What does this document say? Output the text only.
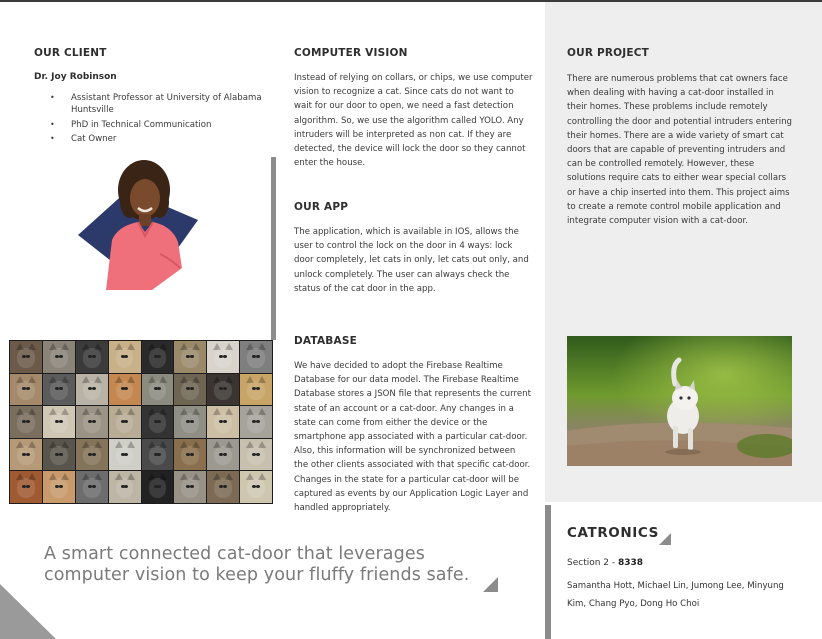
OUR CLIENT
Dr. Joy Robinson
• Assistant Professor at University of Alabama Huntsville
• PhD in Technical Communication
• Cat Owner
COMPUTER VISION
Instead of relying on collars, or chips, we use computer vision to recognize a cat. Since cats do not want to wait for our door to open, we need a fast detection algorithm. So, we use the algorithm called YOLO. Any intruders will be interpreted as non cat. If they are detected, the device will lock the door so they cannot enter the house.
OUR APP
The application, which is available in IOS, allows the user to control the lock on the door in 4 ways: lock door completely, let cats in only, let cats out only, and unlock completely. The user can always check the status of the cat door in the app.
DATABASE
We have decided to adopt the Firebase Realtime Database for our data model. The Firebase Realtime Database stores a JSON file that represents the current state of an account or a cat-door. Any changes in a state can come from either the device or the smartphone app associated with a particular cat-door. Also, this information will be synchronized between the other clients associated with that specific cat-door. Changes in the state for a particular cat-door will be captured as events by our Application Logic Layer and handled appropriately.
OUR PROJECT
There are numerous problems that cat owners face when dealing with having a cat-door installed in their homes. These problems include remotely controlling the door and potential intruders entering their homes. There are a wide variety of smart cat doors that are capable of preventing intruders and can be controlled remotely. However, these solutions require cats to either wear special collars or have a chip inserted into them. This project aims to create a remote control mobile application and integrate computer vision with a cat-door.
A smart connected cat-door that leverages computer vision to keep your fluffy friends safe.
CATRONICS
Section 2 - 8338
Samantha Hott, Michael Lin, Jumong Lee, Minyung Kim, Chang Pyo, Dong Ho Choi
